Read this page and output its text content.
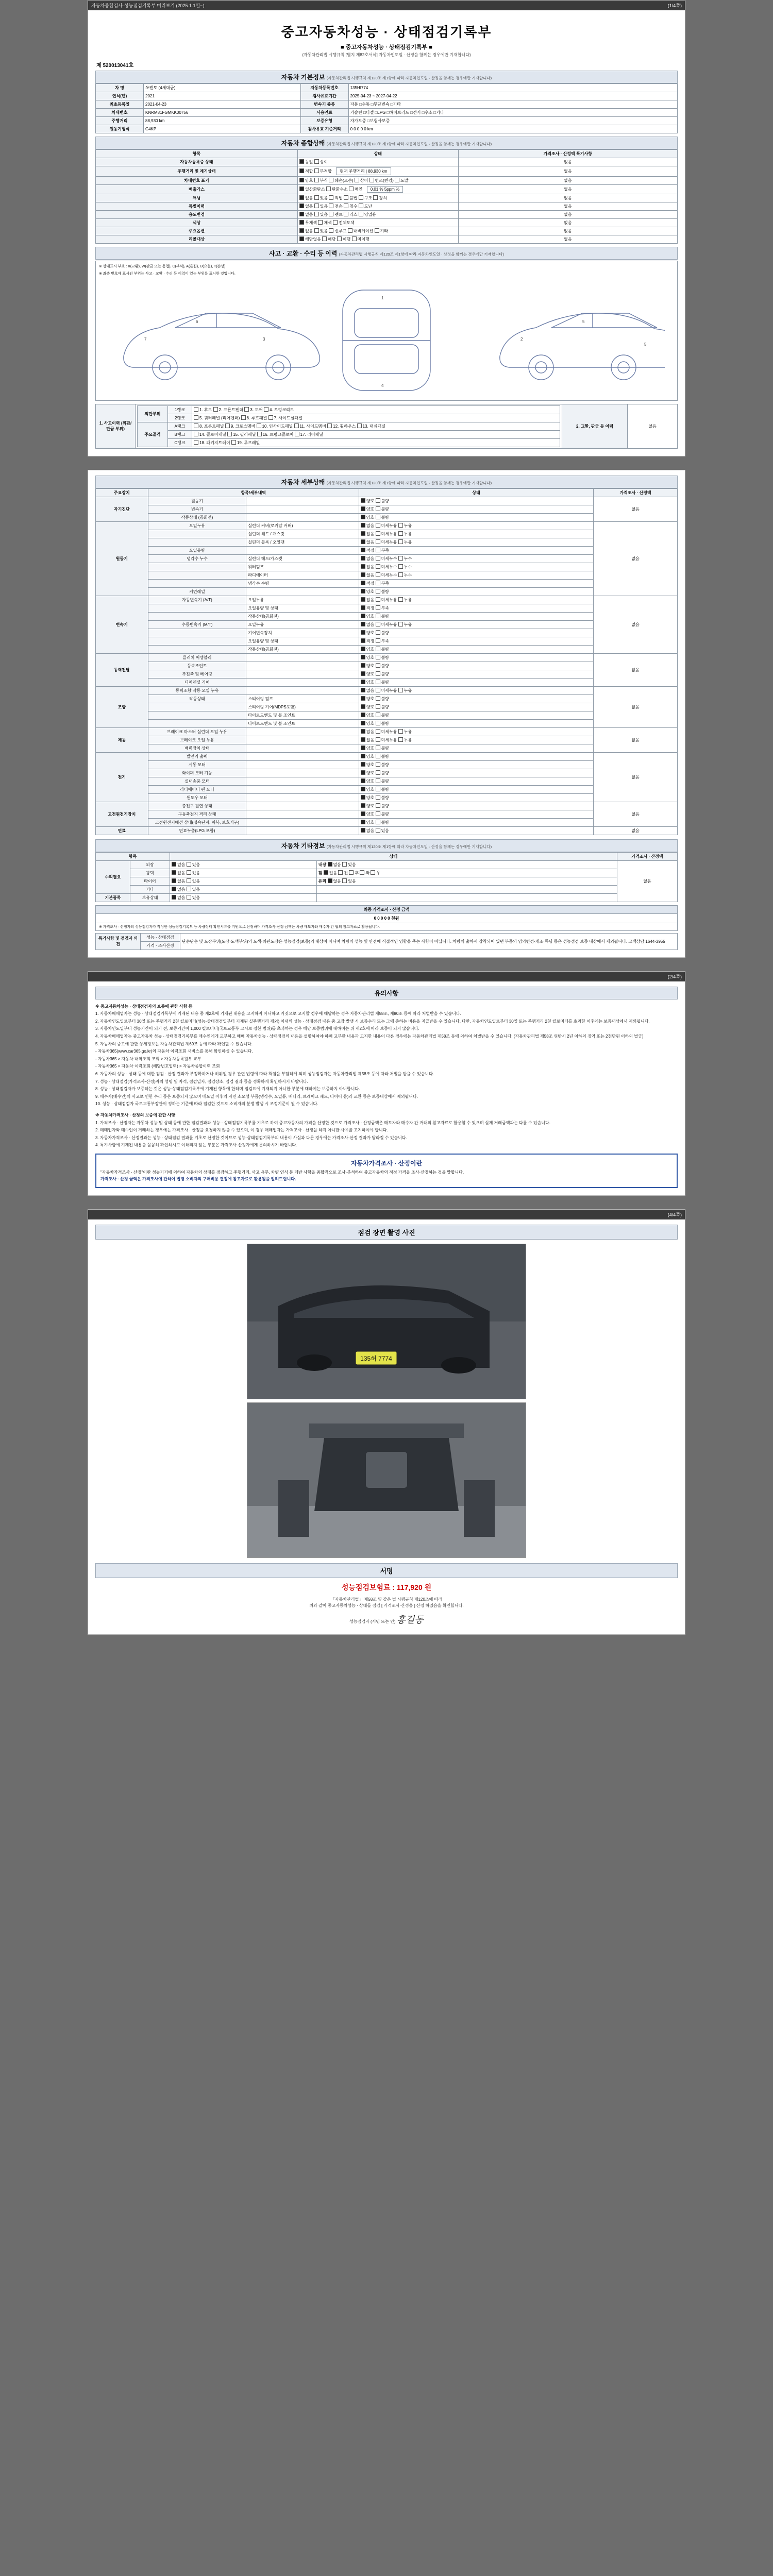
자동차종합검사·성능점검기록부 미리보기 (2025.1.1일~)	(1/4쪽)
중고자동차성능 · 상태점검기록부
■ 중고자동차성능 · 상태점검기록부 ■
(자동차관리법 시행규칙 [별지 제82호서식] 자동차인도일 · 산정을 함께는 경우에만 기재합니다)
제 520013041호
자동차 기본정보 (자동차관리법 시행규칙 제120조 제1항에 따라 자동차인도일 · 산정을 함께는 경우에만 기재합니다)
차 명	쏘렌토 (4세대급)	자동차등록번호	135HI774
연식(년)	2021	검사유효기간	2025-04-23 ~ 2027-04-22
최초등록일	2021-04-23	변속기 종류	자동 □수동 □무단변속 □기타
차대번호	KNRM81FGMKK00756	사용연료	가솔린 □디젤 □LPG □하이브리드 □전기 □수소 □기타
주행거리	88,930 km	보증유형	자가보증 □보험사보증
원동기형식	G4KP	검사유효 기준거리	0 0 0 0 0 km
자동차 종합상태 (자동차관리법 시행규칙 제120조 제1항에 따라 자동차인도일 · 산정을 함께는 경우에만 기재합니다)
항목	상태	가격조사 · 산정액 특기사항
자동차등록증 상태	동일 상이	없음
주행거리 및 계기상태	적합 부적합 현재 주행거리 | 88,930 km	없음
차대번호 표기	양호 부식 훼손(오손) 상이 변조(변경) 도말	없음
배출가스	일산화탄소 탄화수소 매연 0.01 % 5ppm %	없음
튜닝	없음 있음 적법 불법 구조 장치	없음
특별이력	없음 있음 전손 침수 도난	없음
용도변경	없음 있음 렌트 리스 영업용	없음
색상	무채색 채색 전체도색	없음
주요옵션	없음 있음 선루프 내비게이션 기타	없음
리콜대상	해당없음 해당 이행 미이행	없음
사고 · 교환 · 수리 등 이력 (자동차관리법 시행규칙 제120조 제1항에 따라 자동차인도일 · 산정을 함께는 경우에만 기재합니다)
※ 상태표시 부호 : X(교환), W(판금 또는 용접), C(부식), A(흠집), U(요철), T(손상)
※ 좌측 번호에 표시된 부위는 사고 · 교환 · 수리 등 이력이 있는 부위를 표시한 것입니다.
7
6
3
1
4
2
5
5
1. 사고이력 (외판/판금 부위)	
외판부위	1랭크	1. 후드 2. 프론트펜더 3. 도어 4. 트렁크리드
2랭크	5. 쿼터패널 (리어펜더) 6. 루프패널 7. 사이드실패널
주요골격	A랭크	8. 프론트패널 9. 크로스멤버 10. 인사이드패널 11. 사이드멤버 12. 휠하우스 13. 대쉬패널
B랭크	14. 플로어패널 15. 필러패널 16. 트렁크플로어 17. 리어패널
C랭크	18. 패키지트레이 19. 루프레일
	2. 교환, 판금 등 이력	없음
자동차 세부상태 (자동차관리법 시행규칙 제120조 제1항에 따라 자동차인도일 · 산정을 함께는 경우에만 기재합니다)
주요장치	항목/세부내역		상태	가격조사 · 산정액
자기진단	원동기		양호 불량	없음
	변속기		양호 불량	
	작동상태 (공회전)		양호 불량	
원동기	오일누유	실린더 커버(로커암 커버)	없음 미세누유 누유	없음
		실린더 헤드 / 개스킷	없음 미세누유 누유	
		실린더 블록 / 오일팬	없음 미세누유 누유	
	오일유량		적정 부족	
	냉각수 누수	실린더 헤드/가스켓	없음 미세누수 누수	
		워터펌프	없음 미세누수 누수	
		라디에이터	없음 미세누수 누수	
		냉각수 수량	적정 부족	
	커먼레일		양호 불량	
변속기	자동변속기 (A/T)	오일누유	없음 미세누유 누유	없음
		오일유량 및 상태	적정 부족	
		작동상태(공회전)	양호 불량	
	수동변속기 (M/T)	오일누유	없음 미세누유 누유	
		기어변속장치	양호 불량	
		오일유량 및 상태	적정 부족	
		작동상태(공회전)	양호 불량	
동력전달	클러치 어셈블리		양호 불량	없음
	등속조인트		양호 불량	
	추진축 및 베어링		양호 불량	
	디퍼렌셜 기어		양호 불량	
조향	동력조향 작동 오일 누유		없음 미세누유 누유	없음
	작동상태	스티어링 펌프	양호 불량	
		스티어링 기어(MDPS포함)	양호 불량	
		타이로드엔드 및 볼 조인트	양호 불량	
		타이로드엔드 및 볼 조인트	양호 불량	
제동	브레이크 마스터 실린더 오일 누유		없음 미세누유 누유	없음
	브레이크 오일 누유		없음 미세누유 누유	
	배력장치 상태		양호 불량	
전기	발전기 출력		양호 불량	없음
	시동 모터		양호 불량	
	와이퍼 모터 기능		양호 불량	
	실내송풍 모터		양호 불량	
	라디에이터 팬 모터		양호 불량	
	윈도우 모터		양호 불량	
고전원전기장치	충전구 절연 상태		양호 불량	없음
	구동축전지 격리 상태		양호 불량	
	고전원전기배선 상태(접속단자, 피복, 보호기구)		양호 불량	
연료	연료누출(LPG 포함)		없음 있음	없음
자동차 기타정보 (자동차관리법 시행규칙 제120조 제1항에 따라 자동차인도일 · 산정을 함께는 경우에만 기재합니다)
항목		상태		가격조사 · 산정액
수리필요	외장	없음 있음	내장 없음 있음	없음
	광택	없음 있음	휠 없음 전 후 좌 우	
	타이어	없음 있음	유리 없음 있음	
	기타	없음 있음		
기본품목	보유상태	없음 있음		
최종 가격조사 · 산정 금액
0 0 0 0 0 천원
※ 가격조사 · 산정자의 성능점검자가 작성한 성능점검기록부 등 차량상태 확인서류를 기반으로 산정하며 가격조사·산정 금액은 차량 매도자와 매수자 간 협의 참고자료로 활용됩니다.
특기사항 및 점검자 의견	성능 · 상태점검	단순단순 및 도장부위(도장·도색부위)의 도색·외관도장은 성능점검(보증)의 대상이 아니며 차량의 성능 및 안전에 직접적인 영향을 주는 사항이 아닙니다. 차량의 출하시 장착되어 있던 부품의 임의변경·개조·튜닝 등은 성능점검 보증 대상에서 제외됩니다. 고객상담 1644-3955
가격 · 조사산정
(2/4쪽)
유의사항

※ 중고자동차성능 · 상태점검자의 보증에 관한 사항 등

1. 자동차매매업자는 성능 · 상태점검기록부에 기재된 내용 중 제2호에 기재된 내용을 고지하지 아니하고 거짓으로 고지할 경우에 해당하는 경우 자동차관리법 제58조, 제80조 등에 따라 처벌받을 수 있습니다.

2. 자동차인도일로부터 30일 또는 주행거리 2천 킬로미터(성능·상태점검일부터 기재된 실주행거리 제외) 이내의 성능 · 상태점검 내용 중 고장 발생 시 보증수리 또는 그에 준하는 비용을 지급받을 수 있습니다. 다만, 자동차인도일로부터 30일 또는 주행거리 2천 킬로미터를 초과한 이후에는 보증대상에서 제외됩니다.

3. 자동차인도일부터 성능기간이 되기 전, 보증기간이 1,000 킬로미터(국토교통부 고시로 정한 범위)를 초과하는 경우 해당 보증범위에 대하여는 위 제2호에 따라 보증이 되지 않습니다.

4. 자동차매매업자는 중고자동차 성능 · 상태점검기록부를 매수인에게 교부하고 매매 자동차성능 · 상태점검의 내용을 설명하여야 하며 교부한 내용과 고지한 내용이 다른 경우에는 자동차관리법 제58조 등에 의하여 처벌받을 수 있습니다. (자동차관리법 제58조 위반시 2년 이하의 징역 또는 2천만원 이하의 벌금)

5. 자동차의 중고에 관한 상세정보는 자동차관리법 제69조 등에 따라 확인할 수 있습니다.

- 자동차365(www.car365.go.kr)의 자동차 이력조회 서비스를 통해 확인하실 수 있습니다.

- 자동차365 > 자동차 내역조회 조회 > 자동차등록원부 교부

- 자동차365 > 자동차 이력조회 (해당번호입력) > 자동차종합이력 조회

6. 자동차의 성능 · 상태 등에 대한 점검 · 산정 결과가 부정확하거나 허위일 경우 관련 법령에 따라 책임을 부담하게 되며 성능점검자는 자동차관리법 제58조 등에 따라 처벌을 받을 수 있습니다.

7. 성능 · 상태점검(가격조사·산정)자의 성명 및 자격, 점검일자, 점검장소, 점검 결과 등을 정확하게 확인하시기 바랍니다.

8. 성능 · 상태점검자가 보증하는 것은 성능·상태점검기록부에 기재된 항목에 한하며 점검표에 기재되지 아니한 부분에 대하여는 보증하지 아니합니다.

9. 매수자(매수인)의 사고로 인한 수리 등은 보증되지 않으며 매도일 이후의 자연 소모성 부품(냉각수, 오일류, 배터리, 브레이크 패드, 타이어 등)과 교환 등은 보증대상에서 제외됩니다.

10. 성능 · 상태점검자 국토교통부장관이 정하는 기준에 따라 점검한 것으로 소비자의 분쟁 발생 시 조정기준이 될 수 있습니다.

※ 자동차가격조사 · 산정의 보증에 관한 사항

1. 가격조사 · 산정자는 자동차 성능 및 상태 등에 관한 점검결과와 성능 · 상태점검기록부를 기초로 하여 중고자동차의 가격을 산정한 것으로 가격조사 · 산정금액은 매도자와 매수자 간 거래의 참고자료로 활용할 수 있으며 실제 거래금액과는 다를 수 있습니다.

2. 매매업자와 매수인이 거래하는 경우에는 가격조사 · 산정을 요청하지 않을 수 있으며, 이 경우 매매업자는 가격조사 · 산정을 하지 아니한 사유를 고지하여야 합니다.

3. 자동차가격조사 · 산정결과는 성능 · 상태점검 결과를 기초로 산정한 것이므로 성능·상태점검기록부의 내용이 사실과 다른 경우에는 가격조사·산정 결과가 달라질 수 있습니다.

4. 특기사항에 기재된 내용을 꼼꼼히 확인하시고 이해되지 않는 부분은 가격조사·산정자에게 문의하시기 바랍니다.

자동차가격조사 · 산정이란

"자동차가격조사 · 산정"이란 성능기기에 의하여 자동차의 상태를 점검하고 주행거리, 사고 유무, 차량 연식 등 제반 사항을 종합적으로 조사·분석하여 중고자동차의 적정 가격을 조사·산정하는 것을 말합니다.

가격조사 · 산정 금액은 가격조사에 관하여 법령 소비자의 구매비용 결정에 참고자료로 활용됨을 알려드립니다.

(4/4쪽)
점검 장면 촬영 사진
135허 7774
서명
성능점검보험료 : 117,920 원
「자동차관리법」 제58조 및 같은 법 시행규칙 제120조에 따라
위와 같이 중고자동차성능 · 상태를 점검 [ 가격조사·산정을 ] 산정 하였음을 확인합니다.
성능점검자 (서명 또는 인) 홍길동
